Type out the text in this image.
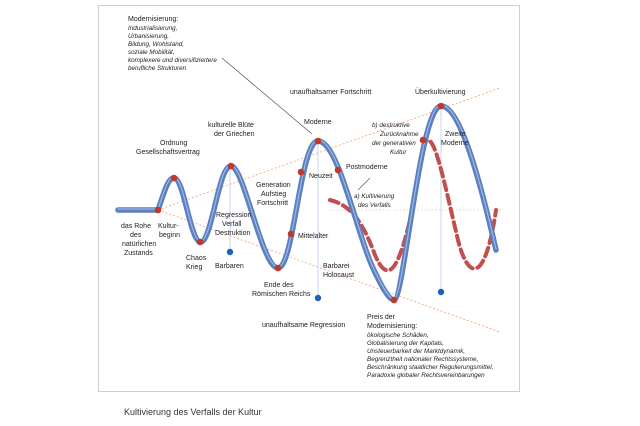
Modernisierung:
Industrialisierung,
Urbanisierung,
Bildung, Wohlstand,
soziale Mobilität,
komplexere und diversifiziertere
berufliche Strukturen
unaufhaltsamer Fortschritt	Überkultivierung
Moderne	b) destruktive
Zurücknahme
der generativen
Kultur
Zweite
Moderne
kulturelle Blüte
der Griechen
Ordnung
Gesellschaftsvertrag
Neuzeit
Postmoderne
a) Kultivierung
des Verfalls
Generation
Aufstieg
Fortschritt
das Rohe
des
natürlichen
Zustands
Kultur-
beginn
Regression
Verfall
Destruktion
Chaos
Krieg Barbaren
Mittelalter
Barbarei
Holocaust
Ende des
Römischen Reichs
unaufhaltsame Regression
Preis der
Modernisierung:
ökologische Schäden,
Globalisierung der Kapitals,
Unsteuerbarkeit der Marktdynamik,
Begrenztheit nationaler Rechtssysteme,
Beschränkung staatlicher Regulierungsmittel,
Paradoxie globaler Rechtsvereinbarungen
Kultivierung des Verfalls der Kultur
